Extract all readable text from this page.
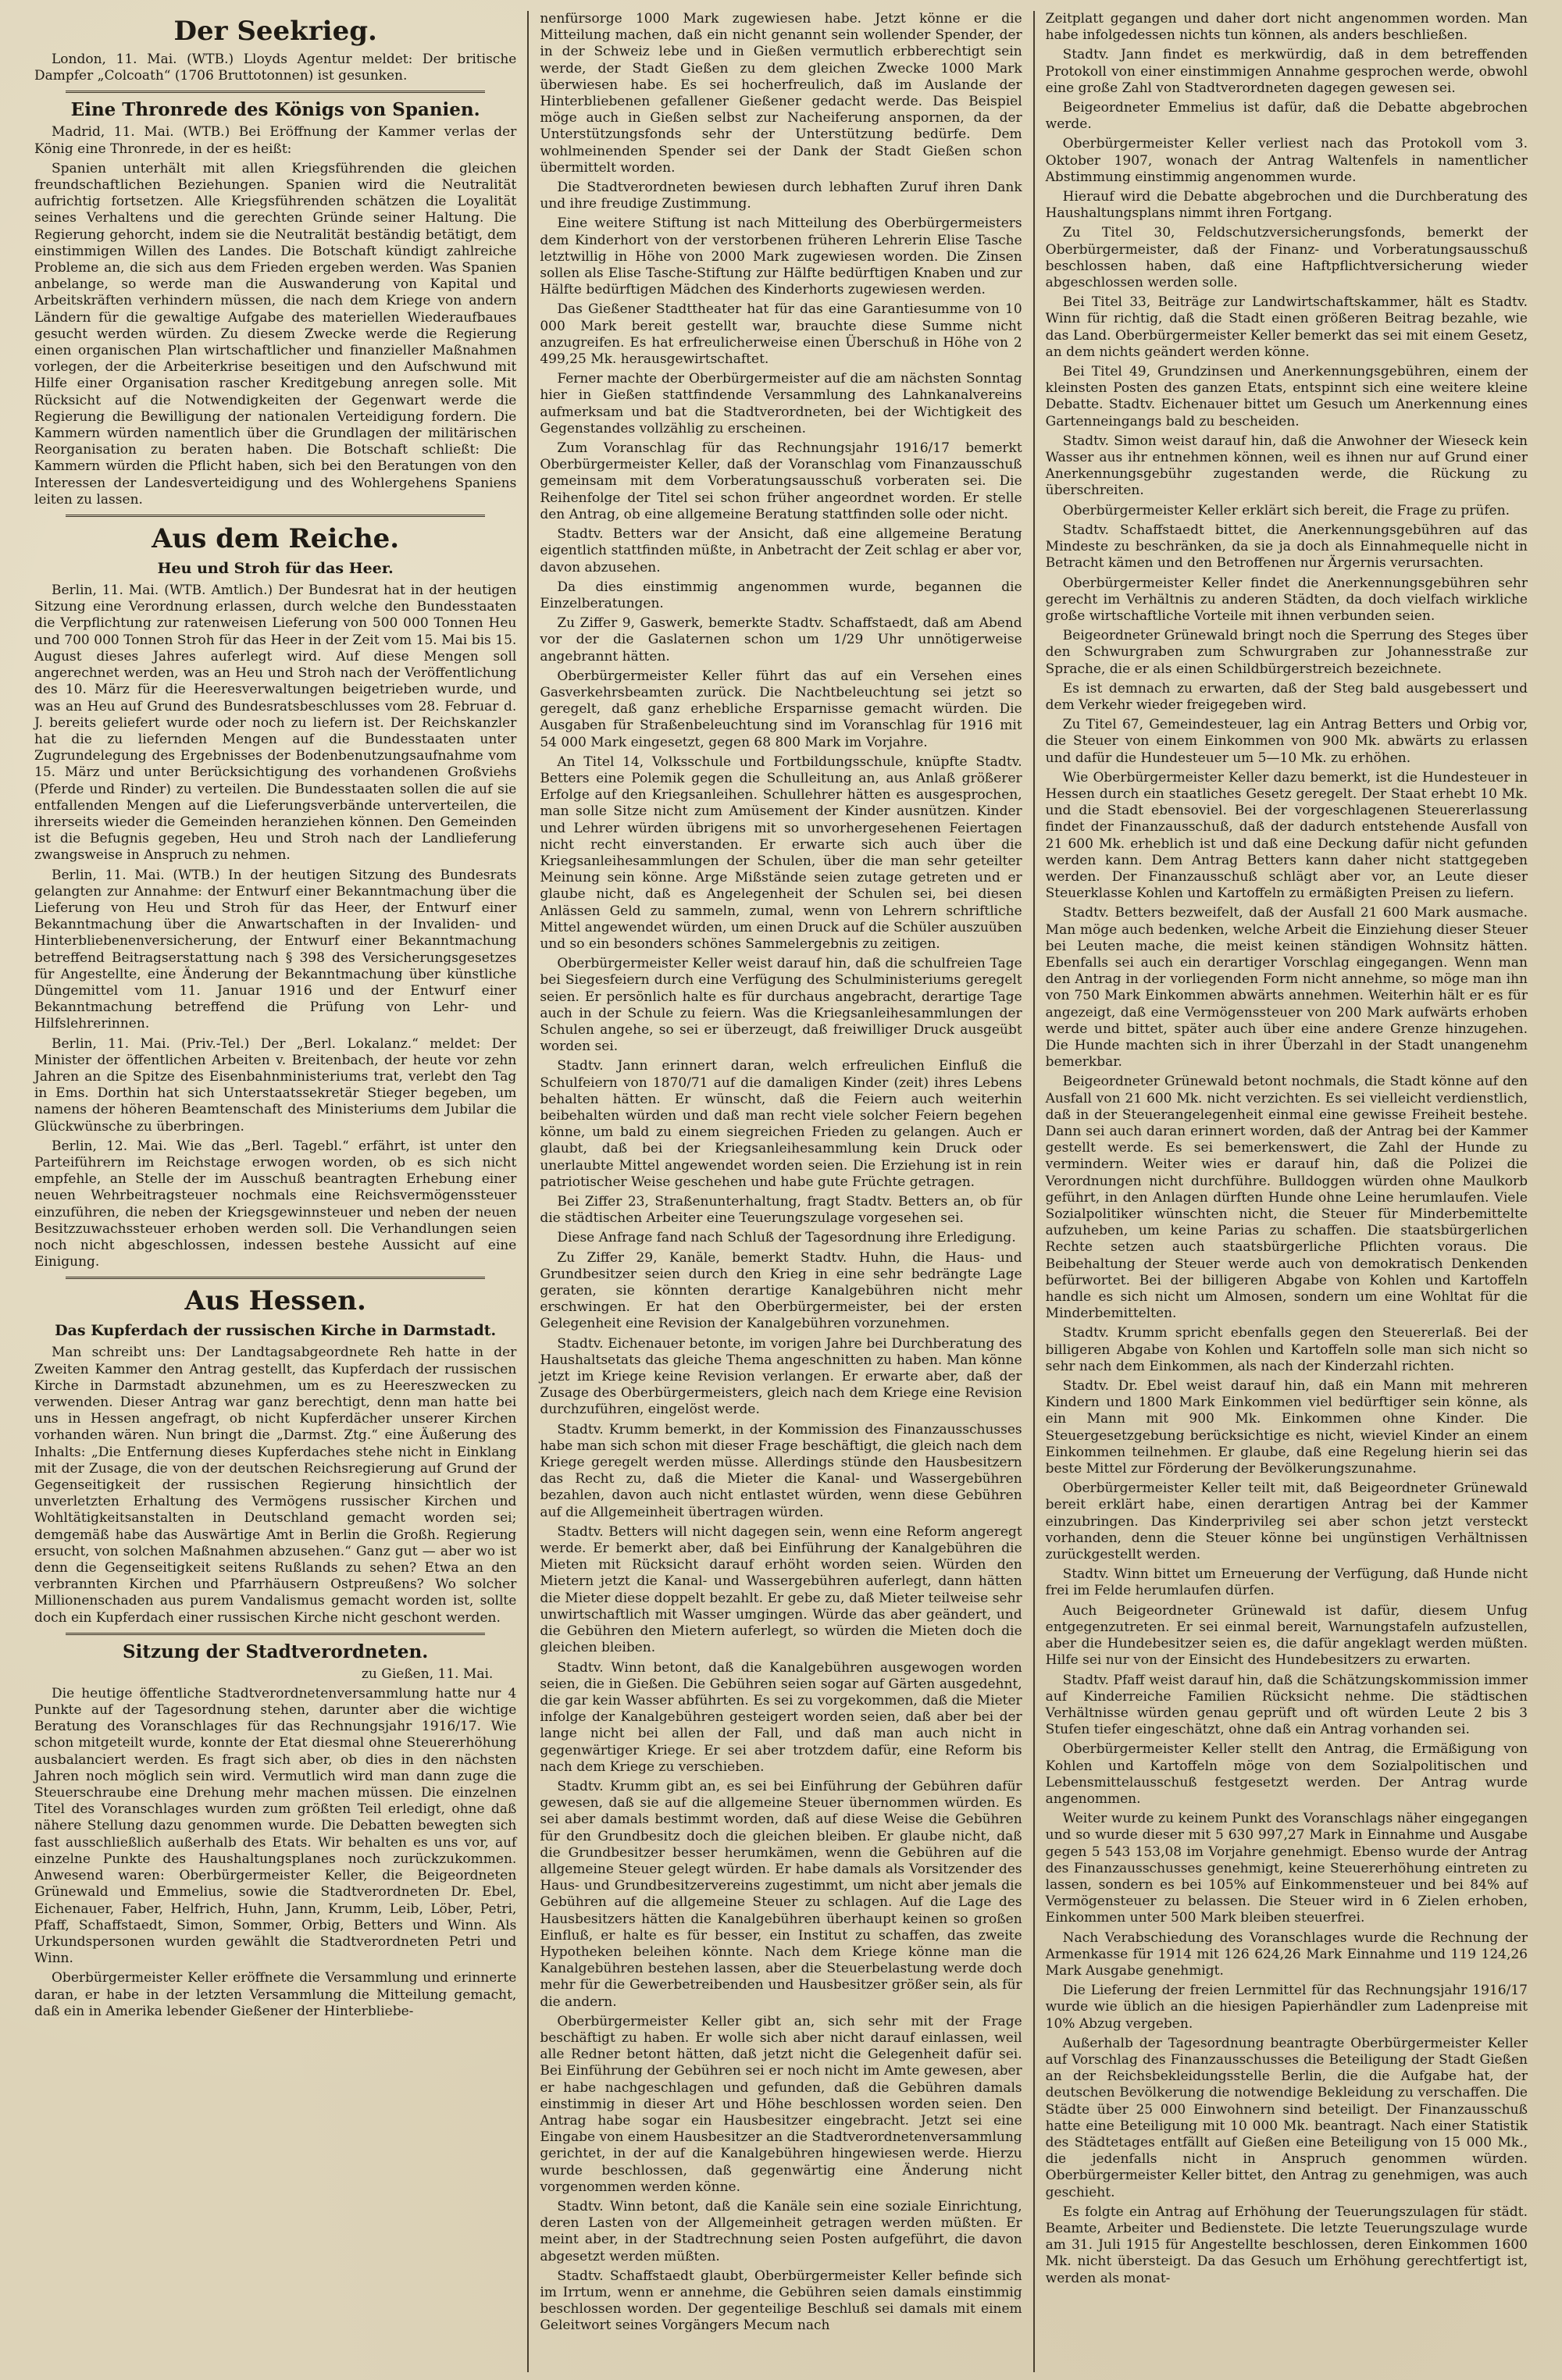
Der Seekrieg.

London, 11. Mai. (WTB.) Lloyds Agentur meldet: Der britische Dampfer „Colcoath“ (1706 Bruttotonnen) ist gesunken.

Eine Thronrede des Königs von Spanien.

Madrid, 11. Mai. (WTB.) Bei Eröffnung der Kammer verlas der König eine Thronrede, in der es heißt:

Spanien unterhält mit allen Kriegsführenden die gleichen freundschaftlichen Beziehungen. Spanien wird die Neutralität aufrichtig fortsetzen. Alle Kriegsführenden schätzen die Loyalität seines Verhaltens und die gerechten Gründe seiner Haltung. Die Regierung gehorcht, indem sie die Neutralität beständig betätigt, dem einstimmigen Willen des Landes. Die Botschaft kündigt zahlreiche Probleme an, die sich aus dem Frieden ergeben werden. Was Spanien anbelange, so werde man die Auswanderung von Kapital und Arbeitskräften verhindern müssen, die nach dem Kriege von andern Ländern für die gewaltige Aufgabe des materiellen Wiederaufbaues gesucht werden würden. Zu diesem Zwecke werde die Regierung einen organischen Plan wirtschaftlicher und finanzieller Maßnahmen vorlegen, der die Arbeiterkrise beseitigen und den Aufschwund mit Hilfe einer Organisation rascher Kreditgebung anregen solle. Mit Rücksicht auf die Notwendigkeiten der Gegenwart werde die Regierung die Bewilligung der nationalen Verteidigung fordern. Die Kammern würden namentlich über die Grundlagen der militärischen Reorganisation zu beraten haben. Die Botschaft schließt: Die Kammern würden die Pflicht haben, sich bei den Beratungen von den Interessen der Landesverteidigung und des Wohlergehens Spaniens leiten zu lassen.

Aus dem Reiche.
Heu und Stroh für das Heer.

Berlin, 11. Mai. (WTB. Amtlich.) Der Bundesrat hat in der heutigen Sitzung eine Verordnung erlassen, durch welche den Bundesstaaten die Verpflichtung zur ratenweisen Lieferung von 500 000 Tonnen Heu und 700 000 Tonnen Stroh für das Heer in der Zeit vom 15. Mai bis 15. August dieses Jahres auferlegt wird. Auf diese Mengen soll angerechnet werden, was an Heu und Stroh nach der Veröffentlichung des 10. März für die Heeresverwaltungen beigetrieben wurde, und was an Heu auf Grund des Bundesratsbeschlusses vom 28. Februar d. J. bereits geliefert wurde oder noch zu liefern ist. Der Reichskanzler hat die zu liefernden Mengen auf die Bundesstaaten unter Zugrundelegung des Ergebnisses der Bodenbenutzungsaufnahme vom 15. März und unter Berücksichtigung des vorhandenen Großviehs (Pferde und Rinder) zu verteilen. Die Bundesstaaten sollen die auf sie entfallenden Mengen auf die Lieferungsverbände unterverteilen, die ihrerseits wieder die Gemeinden heranziehen können. Den Gemeinden ist die Befugnis gegeben, Heu und Stroh nach der Landlieferung zwangsweise in Anspruch zu nehmen.

Berlin, 11. Mai. (WTB.) In der heutigen Sitzung des Bundesrats gelangten zur Annahme: der Entwurf einer Bekanntmachung über die Lieferung von Heu und Stroh für das Heer, der Entwurf einer Bekanntmachung über die Anwartschaften in der Invaliden- und Hinterbliebenenversicherung, der Entwurf einer Bekanntmachung betreffend Beitragserstattung nach § 398 des Versicherungsgesetzes für Angestellte, eine Änderung der Bekanntmachung über künstliche Düngemittel vom 11. Januar 1916 und der Entwurf einer Bekanntmachung betreffend die Prüfung von Lehr- und Hilfslehrerinnen.

Berlin, 11. Mai. (Priv.-Tel.) Der „Berl. Lokalanz.“ meldet: Der Minister der öffentlichen Arbeiten v. Breitenbach, der heute vor zehn Jahren an die Spitze des Eisenbahnministeriums trat, verlebt den Tag in Ems. Dorthin hat sich Unterstaatssekretär Stieger begeben, um namens der höheren Beamtenschaft des Ministeriums dem Jubilar die Glückwünsche zu überbringen.

Berlin, 12. Mai. Wie das „Berl. Tagebl.“ erfährt, ist unter den Parteiführern im Reichstage erwogen worden, ob es sich nicht empfehle, an Stelle der im Ausschuß beantragten Erhebung einer neuen Wehrbeitragsteuer nochmals eine Reichsvermögenssteuer einzuführen, die neben der Kriegsgewinnsteuer und neben der neuen Besitzzuwachssteuer erhoben werden soll. Die Verhandlungen seien noch nicht abgeschlossen, indessen bestehe Aussicht auf eine Einigung.

Aus Hessen.
Das Kupferdach der russischen Kirche in Darmstadt.

Man schreibt uns: Der Landtagsabgeordnete Reh hatte in der Zweiten Kammer den Antrag gestellt, das Kupferdach der russischen Kirche in Darmstadt abzunehmen, um es zu Heereszwecken zu verwenden. Dieser Antrag war ganz berechtigt, denn man hatte bei uns in Hessen angefragt, ob nicht Kupferdächer unserer Kirchen vorhanden wären. Nun bringt die „Darmst. Ztg.“ eine Äußerung des Inhalts: „Die Entfernung dieses Kupferdaches stehe nicht in Einklang mit der Zusage, die von der deutschen Reichsregierung auf Grund der Gegenseitigkeit der russischen Regierung hinsichtlich der unverletzten Erhaltung des Vermögens russischer Kirchen und Wohltätigkeitsanstalten in Deutschland gemacht worden sei; demgemäß habe das Auswärtige Amt in Berlin die Großh. Regierung ersucht, von solchen Maßnahmen abzusehen.“ Ganz gut — aber wo ist denn die Gegenseitigkeit seitens Rußlands zu sehen? Etwa an den verbrannten Kirchen und Pfarrhäusern Ostpreußens? Wo solcher Millionenschaden aus purem Vandalismus gemacht worden ist, sollte doch ein Kupferdach einer russischen Kirche nicht geschont werden.

Sitzung der Stadtverordneten.
zu Gießen, 11. Mai.

Die heutige öffentliche Stadtverordnetenversammlung hatte nur 4 Punkte auf der Tagesordnung stehen, darunter aber die wichtige Beratung des Voranschlages für das Rechnungsjahr 1916/17. Wie schon mitgeteilt wurde, konnte der Etat diesmal ohne Steuererhöhung ausbalanciert werden. Es fragt sich aber, ob dies in den nächsten Jahren noch möglich sein wird. Vermutlich wird man dann zuge die Steuerschraube eine Drehung mehr machen müssen. Die einzelnen Titel des Voranschlages wurden zum größten Teil erledigt, ohne daß nähere Stellung dazu genommen wurde. Die Debatten bewegten sich fast ausschließlich außerhalb des Etats. Wir behalten es uns vor, auf einzelne Punkte des Haushaltungsplanes noch zurückzukommen. Anwesend waren: Oberbürgermeister Keller, die Beigeordneten Grünewald und Emmelius, sowie die Stadtverordneten Dr. Ebel, Eichenauer, Faber, Helfrich, Huhn, Jann, Krumm, Leib, Löber, Petri, Pfaff, Schaffstaedt, Simon, Sommer, Orbig, Betters und Winn. Als Urkundspersonen wurden gewählt die Stadtverordneten Petri und Winn.

Oberbürgermeister Keller eröffnete die Versammlung und erinnerte daran, er habe in der letzten Versammlung die Mitteilung gemacht, daß ein in Amerika lebender Gießener der Hinterbliebe-

nenfürsorge 1000 Mark zugewiesen habe. Jetzt könne er die Mitteilung machen, daß ein nicht genannt sein wollender Spender, der in der Schweiz lebe und in Gießen vermutlich erbberechtigt sein werde, der Stadt Gießen zu dem gleichen Zwecke 1000 Mark überwiesen habe. Es sei hocherfreulich, daß im Auslande der Hinterbliebenen gefallener Gießener gedacht werde. Das Beispiel möge auch in Gießen selbst zur Nacheiferung anspornen, da der Unterstützungsfonds sehr der Unterstützung bedürfe. Dem wohlmeinenden Spender sei der Dank der Stadt Gießen schon übermittelt worden.

Die Stadtverordneten bewiesen durch lebhaften Zuruf ihren Dank und ihre freudige Zustimmung.

Eine weitere Stiftung ist nach Mitteilung des Oberbürgermeisters dem Kinderhort von der verstorbenen früheren Lehrerin Elise Tasche letztwillig in Höhe von 2000 Mark zugewiesen worden. Die Zinsen sollen als Elise Tasche-Stiftung zur Hälfte bedürftigen Knaben und zur Hälfte bedürftigen Mädchen des Kinderhorts zugewiesen werden.

Das Gießener Stadttheater hat für das eine Garantiesumme von 10 000 Mark bereit gestellt war, brauchte diese Summe nicht anzugreifen. Es hat erfreulicherweise einen Überschuß in Höhe von 2 499,25 Mk. herausgewirtschaftet.

Ferner machte der Oberbürgermeister auf die am nächsten Sonntag hier in Gießen stattfindende Versammlung des Lahnkanalvereins aufmerksam und bat die Stadtverordneten, bei der Wichtigkeit des Gegenstandes vollzählig zu erscheinen.

Zum Voranschlag für das Rechnungsjahr 1916/17 bemerkt Oberbürgermeister Keller, daß der Voranschlag vom Finanzausschuß gemeinsam mit dem Vorberatungsausschuß vorberaten sei. Die Reihenfolge der Titel sei schon früher angeordnet worden. Er stelle den Antrag, ob eine allgemeine Beratung stattfinden solle oder nicht.

Stadtv. Betters war der Ansicht, daß eine allgemeine Beratung eigentlich stattfinden müßte, in Anbetracht der Zeit schlag er aber vor, davon abzusehen.

Da dies einstimmig angenommen wurde, begannen die Einzelberatungen.

Zu Ziffer 9, Gaswerk, bemerkte Stadtv. Schaffstaedt, daß am Abend vor der die Gaslaternen schon um 1/29 Uhr unnötigerweise angebrannt hätten.

Oberbürgermeister Keller führt das auf ein Versehen eines Gasverkehrsbeamten zurück. Die Nachtbeleuchtung sei jetzt so geregelt, daß ganz erhebliche Ersparnisse gemacht würden. Die Ausgaben für Straßenbeleuchtung sind im Voranschlag für 1916 mit 54 000 Mark eingesetzt, gegen 68 800 Mark im Vorjahre.

An Titel 14, Volksschule und Fortbildungsschule, knüpfte Stadtv. Betters eine Polemik gegen die Schulleitung an, aus Anlaß größerer Erfolge auf den Kriegsanleihen. Schullehrer hätten es ausgesprochen, man solle Sitze nicht zum Amüsement der Kinder ausnützen. Kinder und Lehrer würden übrigens mit so unvorhergesehenen Feiertagen nicht recht einverstanden. Er erwarte sich auch über die Kriegsanleihesammlungen der Schulen, über die man sehr geteilter Meinung sein könne. Arge Mißstände seien zutage getreten und er glaube nicht, daß es Angelegenheit der Schulen sei, bei diesen Anlässen Geld zu sammeln, zumal, wenn von Lehrern schriftliche Mittel angewendet würden, um einen Druck auf die Schüler auszuüben und so ein besonders schönes Sammelergebnis zu zeitigen.

Oberbürgermeister Keller weist darauf hin, daß die schulfreien Tage bei Siegesfeiern durch eine Verfügung des Schulministeriums geregelt seien. Er persönlich halte es für durchaus angebracht, derartige Tage auch in der Schule zu feiern. Was die Kriegsanleihesammlungen der Schulen angehe, so sei er überzeugt, daß freiwilliger Druck ausgeübt worden sei.

Stadtv. Jann erinnert daran, welch erfreulichen Einfluß die Schulfeiern von 1870/71 auf die damaligen Kinder (zeit) ihres Lebens behalten hätten. Er wünscht, daß die Feiern auch weiterhin beibehalten würden und daß man recht viele solcher Feiern begehen könne, um bald zu einem siegreichen Frieden zu gelangen. Auch er glaubt, daß bei der Kriegsanleihesammlung kein Druck oder unerlaubte Mittel angewendet worden seien. Die Erziehung ist in rein patriotischer Weise geschehen und habe gute Früchte getragen.

Bei Ziffer 23, Straßenunterhaltung, fragt Stadtv. Betters an, ob für die städtischen Arbeiter eine Teuerungszulage vorgesehen sei.

Diese Anfrage fand nach Schluß der Tagesordnung ihre Erledigung.

Zu Ziffer 29, Kanäle, bemerkt Stadtv. Huhn, die Haus- und Grundbesitzer seien durch den Krieg in eine sehr bedrängte Lage geraten, sie könnten derartige Kanalgebühren nicht mehr erschwingen. Er hat den Oberbürgermeister, bei der ersten Gelegenheit eine Revision der Kanalgebühren vorzunehmen.

Stadtv. Eichenauer betonte, im vorigen Jahre bei Durchberatung des Haushaltsetats das gleiche Thema angeschnitten zu haben. Man könne jetzt im Kriege keine Revision verlangen. Er erwarte aber, daß der Zusage des Oberbürgermeisters, gleich nach dem Kriege eine Revision durchzuführen, eingelöst werde.

Stadtv. Krumm bemerkt, in der Kommission des Finanzausschusses habe man sich schon mit dieser Frage beschäftigt, die gleich nach dem Kriege geregelt werden müsse. Allerdings stünde den Hausbesitzern das Recht zu, daß die Mieter die Kanal- und Wassergebühren bezahlen, davon auch nicht entlastet würden, wenn diese Gebühren auf die Allgemeinheit übertragen würden.

Stadtv. Betters will nicht dagegen sein, wenn eine Reform angeregt werde. Er bemerkt aber, daß bei Einführung der Kanalgebühren die Mieten mit Rücksicht darauf erhöht worden seien. Würden den Mietern jetzt die Kanal- und Wassergebühren auferlegt, dann hätten die Mieter diese doppelt bezahlt. Er gebe zu, daß Mieter teilweise sehr unwirtschaftlich mit Wasser umgingen. Würde das aber geändert, und die Gebühren den Mietern auferlegt, so würden die Mieten doch die gleichen bleiben.

Stadtv. Winn betont, daß die Kanalgebühren ausgewogen worden seien, die in Gießen. Die Gebühren seien sogar auf Gärten ausgedehnt, die gar kein Wasser abführten. Es sei zu vorgekommen, daß die Mieter infolge der Kanalgebühren gesteigert worden seien, daß aber bei der lange nicht bei allen der Fall, und daß man auch nicht in gegenwärtiger Kriege. Er sei aber trotzdem dafür, eine Reform bis nach dem Kriege zu verschieben.

Stadtv. Krumm gibt an, es sei bei Einführung der Gebühren dafür gewesen, daß sie auf die allgemeine Steuer übernommen würden. Es sei aber damals bestimmt worden, daß auf diese Weise die Gebühren für den Grundbesitz doch die gleichen bleiben. Er glaube nicht, daß die Grundbesitzer besser herumkämen, wenn die Gebühren auf die allgemeine Steuer gelegt würden. Er habe damals als Vorsitzender des Haus- und Grundbesitzervereins zugestimmt, um nicht aber jemals die Gebühren auf die allgemeine Steuer zu schlagen. Auf die Lage des Hausbesitzers hätten die Kanalgebühren überhaupt keinen so großen Einfluß, er halte es für besser, ein Institut zu schaffen, das zweite Hypotheken beleihen könnte. Nach dem Kriege könne man die Kanalgebühren bestehen lassen, aber die Steuerbelastung werde doch mehr für die Gewerbetreibenden und Hausbesitzer größer sein, als für die andern.

Oberbürgermeister Keller gibt an, sich sehr mit der Frage beschäftigt zu haben. Er wolle sich aber nicht darauf einlassen, weil alle Redner betont hätten, daß jetzt nicht die Gelegenheit dafür sei. Bei Einführung der Gebühren sei er noch nicht im Amte gewesen, aber er habe nachgeschlagen und gefunden, daß die Gebühren damals einstimmig in dieser Art und Höhe beschlossen worden seien. Den Antrag habe sogar ein Hausbesitzer eingebracht. Jetzt sei eine Eingabe von einem Hausbesitzer an die Stadtverordnetenversammlung gerichtet, in der auf die Kanalgebühren hingewiesen werde. Hierzu wurde beschlossen, daß gegenwärtig eine Änderung nicht vorgenommen werden könne.

Stadtv. Winn betont, daß die Kanäle sein eine soziale Einrichtung, deren Lasten von der Allgemeinheit getragen werden müßten. Er meint aber, in der Stadtrechnung seien Posten aufgeführt, die davon abgesetzt werden müßten.

Stadtv. Schaffstaedt glaubt, Oberbürgermeister Keller befinde sich im Irrtum, wenn er annehme, die Gebühren seien damals einstimmig beschlossen worden. Der gegenteilige Beschluß sei damals mit einem Geleitwort seines Vorgängers Mecum nach

Zeitplatt gegangen und daher dort nicht angenommen worden. Man habe infolgedessen nichts tun können, als anders beschließen.

Stadtv. Jann findet es merkwürdig, daß in dem betreffenden Protokoll von einer einstimmigen Annahme gesprochen werde, obwohl eine große Zahl von Stadtverordneten dagegen gewesen sei.

Beigeordneter Emmelius ist dafür, daß die Debatte abgebrochen werde.

Oberbürgermeister Keller verliest nach das Protokoll vom 3. Oktober 1907, wonach der Antrag Waltenfels in namentlicher Abstimmung einstimmig angenommen wurde.

Hierauf wird die Debatte abgebrochen und die Durchberatung des Haushaltungsplans nimmt ihren Fortgang.

Zu Titel 30, Feldschutzversicherungsfonds, bemerkt der Oberbürgermeister, daß der Finanz- und Vorberatungsausschuß beschlossen haben, daß eine Haftpflichtversicherung wieder abgeschlossen werden solle.

Bei Titel 33, Beiträge zur Landwirtschaftskammer, hält es Stadtv. Winn für richtig, daß die Stadt einen größeren Beitrag bezahle, wie das Land. Oberbürgermeister Keller bemerkt das sei mit einem Gesetz, an dem nichts geändert werden könne.

Bei Titel 49, Grundzinsen und Anerkennungsgebühren, einem der kleinsten Posten des ganzen Etats, entspinnt sich eine weitere kleine Debatte. Stadtv. Eichenauer bittet um Gesuch um Anerkennung eines Gartenneingangs bald zu bescheiden.

Stadtv. Simon weist darauf hin, daß die Anwohner der Wieseck kein Wasser aus ihr entnehmen können, weil es ihnen nur auf Grund einer Anerkennungsgebühr zugestanden werde, die Rückung zu überschreiten.

Oberbürgermeister Keller erklärt sich bereit, die Frage zu prüfen.

Stadtv. Schaffstaedt bittet, die Anerkennungsgebühren auf das Mindeste zu beschränken, da sie ja doch als Einnahmequelle nicht in Betracht kämen und den Betroffenen nur Ärgernis verursachten.

Oberbürgermeister Keller findet die Anerkennungsgebühren sehr gerecht im Verhältnis zu anderen Städten, da doch vielfach wirkliche große wirtschaftliche Vorteile mit ihnen verbunden seien.

Beigeordneter Grünewald bringt noch die Sperrung des Steges über den Schwurgraben zum Schwurgraben zur Johannesstraße zur Sprache, die er als einen Schildbürgerstreich bezeichnete.

Es ist demnach zu erwarten, daß der Steg bald ausgebessert und dem Verkehr wieder freigegeben wird.

Zu Titel 67, Gemeindesteuer, lag ein Antrag Betters und Orbig vor, die Steuer von einem Einkommen von 900 Mk. abwärts zu erlassen und dafür die Hundesteuer um 5—10 Mk. zu erhöhen.

Wie Oberbürgermeister Keller dazu bemerkt, ist die Hundesteuer in Hessen durch ein staatliches Gesetz geregelt. Der Staat erhebt 10 Mk. und die Stadt ebensoviel. Bei der vorgeschlagenen Steuererlassung findet der Finanzausschuß, daß der dadurch entstehende Ausfall von 21 600 Mk. erheblich ist und daß eine Deckung dafür nicht gefunden werden kann. Dem Antrag Betters kann daher nicht stattgegeben werden. Der Finanzausschuß schlägt aber vor, an Leute dieser Steuerklasse Kohlen und Kartoffeln zu ermäßigten Preisen zu liefern.

Stadtv. Betters bezweifelt, daß der Ausfall 21 600 Mark ausmache. Man möge auch bedenken, welche Arbeit die Einziehung dieser Steuer bei Leuten mache, die meist keinen ständigen Wohnsitz hätten. Ebenfalls sei auch ein derartiger Vorschlag eingegangen. Wenn man den Antrag in der vorliegenden Form nicht annehme, so möge man ihn von 750 Mark Einkommen abwärts annehmen. Weiterhin hält er es für angezeigt, daß eine Vermögenssteuer von 200 Mark aufwärts erhoben werde und bittet, später auch über eine andere Grenze hinzugehen. Die Hunde machten sich in ihrer Überzahl in der Stadt unangenehm bemerkbar.

Beigeordneter Grünewald betont nochmals, die Stadt könne auf den Ausfall von 21 600 Mk. nicht verzichten. Es sei vielleicht verdienstlich, daß in der Steuerangelegenheit einmal eine gewisse Freiheit bestehe. Dann sei auch daran erinnert worden, daß der Antrag bei der Kammer gestellt werde. Es sei bemerkenswert, die Zahl der Hunde zu vermindern. Weiter wies er darauf hin, daß die Polizei die Verordnungen nicht durchführe. Bulldoggen würden ohne Maulkorb geführt, in den Anlagen dürften Hunde ohne Leine herumlaufen. Viele Sozialpolitiker wünschten nicht, die Steuer für Minderbemittelte aufzuheben, um keine Parias zu schaffen. Die staatsbürgerlichen Rechte setzen auch staatsbürgerliche Pflichten voraus. Die Beibehaltung der Steuer werde auch von demokratisch Denkenden befürwortet. Bei der billigeren Abgabe von Kohlen und Kartoffeln handle es sich nicht um Almosen, sondern um eine Wohltat für die Minderbemittelten.

Stadtv. Krumm spricht ebenfalls gegen den Steuererlaß. Bei der billigeren Abgabe von Kohlen und Kartoffeln solle man sich nicht so sehr nach dem Einkommen, als nach der Kinderzahl richten.

Stadtv. Dr. Ebel weist darauf hin, daß ein Mann mit mehreren Kindern und 1800 Mark Einkommen viel bedürftiger sein könne, als ein Mann mit 900 Mk. Einkommen ohne Kinder. Die Steuergesetzgebung berücksichtige es nicht, wieviel Kinder an einem Einkommen teilnehmen. Er glaube, daß eine Regelung hierin sei das beste Mittel zur Förderung der Bevölkerungszunahme.

Oberbürgermeister Keller teilt mit, daß Beigeordneter Grünewald bereit erklärt habe, einen derartigen Antrag bei der Kammer einzubringen. Das Kinderprivileg sei aber schon jetzt versteckt vorhanden, denn die Steuer könne bei ungünstigen Verhältnissen zurückgestellt werden.

Stadtv. Winn bittet um Erneuerung der Verfügung, daß Hunde nicht frei im Felde herumlaufen dürfen.

Auch Beigeordneter Grünewald ist dafür, diesem Unfug entgegenzutreten. Er sei einmal bereit, Warnungstafeln aufzustellen, aber die Hundebesitzer seien es, die dafür angeklagt werden müßten. Hilfe sei nur von der Einsicht des Hundebesitzers zu erwarten.

Stadtv. Pfaff weist darauf hin, daß die Schätzungskommission immer auf Kinderreiche Familien Rücksicht nehme. Die städtischen Verhältnisse würden genau geprüft und oft würden Leute 2 bis 3 Stufen tiefer eingeschätzt, ohne daß ein Antrag vorhanden sei.

Oberbürgermeister Keller stellt den Antrag, die Ermäßigung von Kohlen und Kartoffeln möge von dem Sozialpolitischen und Lebensmittelausschuß festgesetzt werden. Der Antrag wurde angenommen.

Weiter wurde zu keinem Punkt des Voranschlags näher eingegangen und so wurde dieser mit 5 630 997,27 Mark in Einnahme und Ausgabe gegen 5 543 153,08 im Vorjahre genehmigt. Ebenso wurde der Antrag des Finanzausschusses genehmigt, keine Steuererhöhung eintreten zu lassen, sondern es bei 105% auf Einkommensteuer und bei 84% auf Vermögensteuer zu belassen. Die Steuer wird in 6 Zielen erhoben, Einkommen unter 500 Mark bleiben steuerfrei.

Nach Verabschiedung des Voranschlages wurde die Rechnung der Armenkasse für 1914 mit 126 624,26 Mark Einnahme und 119 124,26 Mark Ausgabe genehmigt.

Die Lieferung der freien Lernmittel für das Rechnungsjahr 1916/17 wurde wie üblich an die hiesigen Papierhändler zum Ladenpreise mit 10% Abzug vergeben.

Außerhalb der Tagesordnung beantragte Oberbürgermeister Keller auf Vorschlag des Finanzausschusses die Beteiligung der Stadt Gießen an der Reichsbekleidungsstelle Berlin, die die Aufgabe hat, der deutschen Bevölkerung die notwendige Bekleidung zu verschaffen. Die Städte über 25 000 Einwohnern sind beteiligt. Der Finanzausschuß hatte eine Beteiligung mit 10 000 Mk. beantragt. Nach einer Statistik des Städtetages entfällt auf Gießen eine Beteiligung von 15 000 Mk., die jedenfalls nicht in Anspruch genommen würden. Oberbürgermeister Keller bittet, den Antrag zu genehmigen, was auch geschieht.

Es folgte ein Antrag auf Erhöhung der Teuerungszulagen für städt. Beamte, Arbeiter und Bedienstete. Die letzte Teuerungszulage wurde am 31. Juli 1915 für Angestellte beschlossen, deren Einkommen 1600 Mk. nicht übersteigt. Da das Gesuch um Erhöhung gerechtfertigt ist, werden als monat-
